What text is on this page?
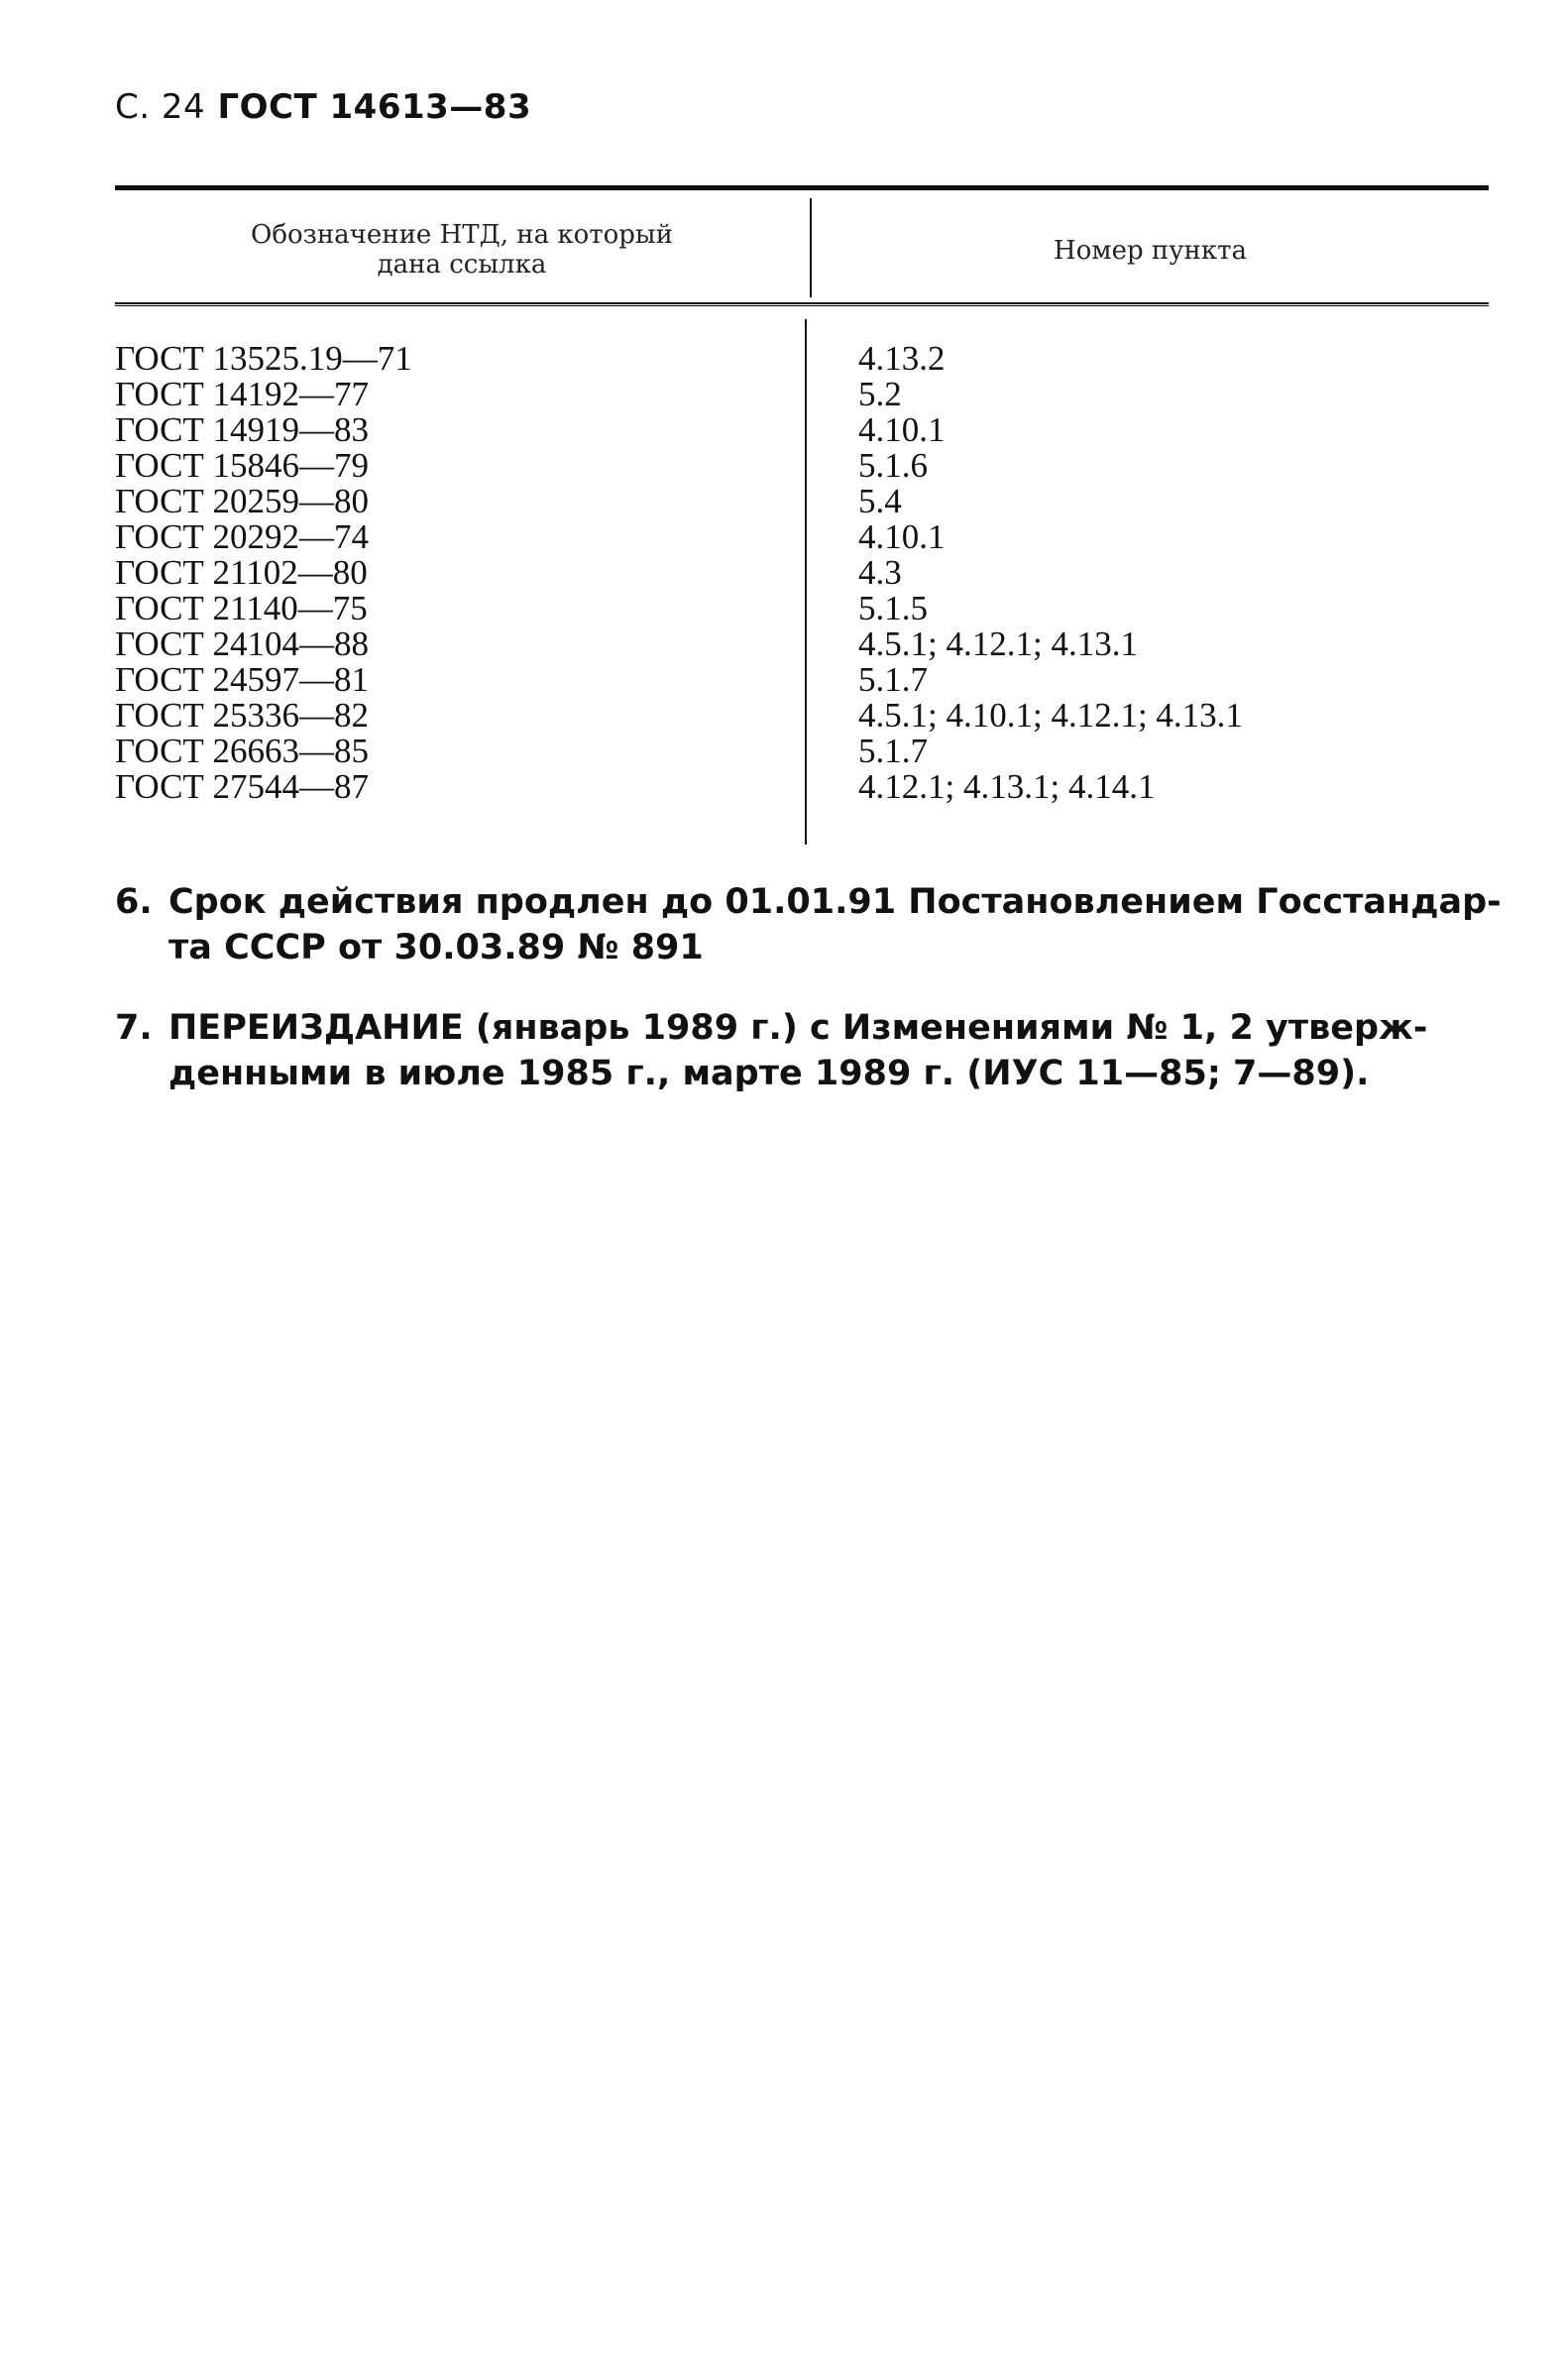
С. 24 ГОСТ 14613—83
Обозначение НТД, на который
дана ссылка	Номер пункта
ГОСТ 13525.19—71
ГОСТ 14192—77
ГОСТ 14919—83
ГОСТ 15846—79
ГОСТ 20259—80
ГОСТ 20292—74
ГОСТ 21102—80
ГОСТ 21140—75
ГОСТ 24104—88
ГОСТ 24597—81
ГОСТ 25336—82
ГОСТ 26663—85
ГОСТ 27544—87
4.13.2
5.2
4.10.1
5.1.6
5.4
4.10.1
4.3
5.1.5
4.5.1; 4.12.1; 4.13.1
5.1.7
4.5.1; 4.10.1; 4.12.1; 4.13.1
5.1.7
4.12.1; 4.13.1; 4.14.1
6. Срок действия продлен до 01.01.91 Постановлением Госстандар-
та СССР от 30.03.89 № 891
7. ПЕРЕИЗДАНИЕ (январь 1989 г.) с Изменениями № 1, 2 утверж-
денными в июле 1985 г., марте 1989 г. (ИУС 11—85; 7—89).
